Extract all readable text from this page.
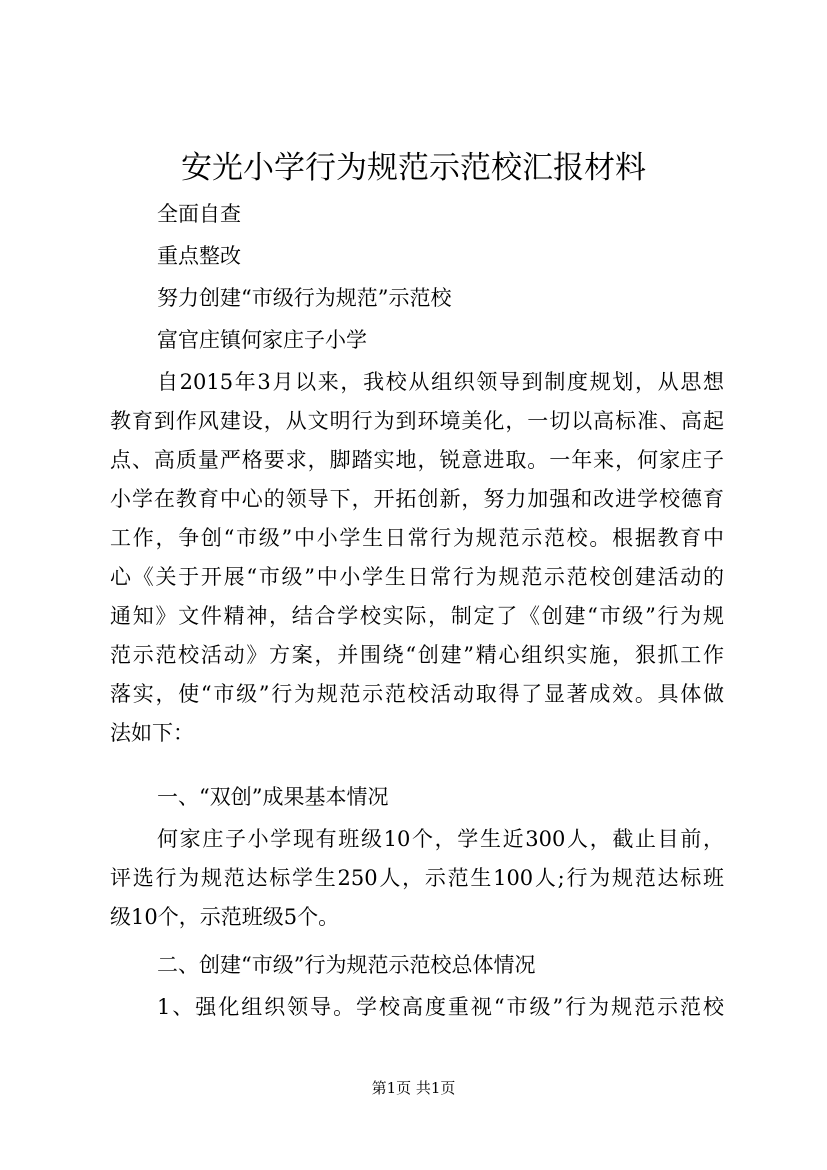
安光小学行为规范示范校汇报材料
全面自查
重点整改
努力创建“市级行为规范”示范校
富官庄镇何家庄子小学
自2015年3月以来，我校从组织领导到制度规划，从思想
教育到作风建设，从文明行为到环境美化，一切以高标准、高起
点、高质量严格要求，脚踏实地，锐意进取。一年来，何家庄子
小学在教育中心的领导下，开拓创新，努力加强和改进学校德育
工作，争创“市级”中小学生日常行为规范示范校。根据教育中
心《关于开展“市级”中小学生日常行为规范示范校创建活动的
通知》文件精神，结合学校实际，制定了《创建“市级”行为规
范示范校活动》方案，并围绕“创建”精心组织实施，狠抓工作
落实，使“市级”行为规范示范校活动取得了显著成效。具体做
法如下：
一、“双创”成果基本情况
何家庄子小学现有班级10个，学生近300人，截止目前，
评选行为规范达标学生250人，示范生100人;行为规范达标班
级10个，示范班级5个。
二、创建“市级”行为规范示范校总体情况
1、强化组织领导。学校高度重视“市级”行为规范示范校
第1页 共1页
